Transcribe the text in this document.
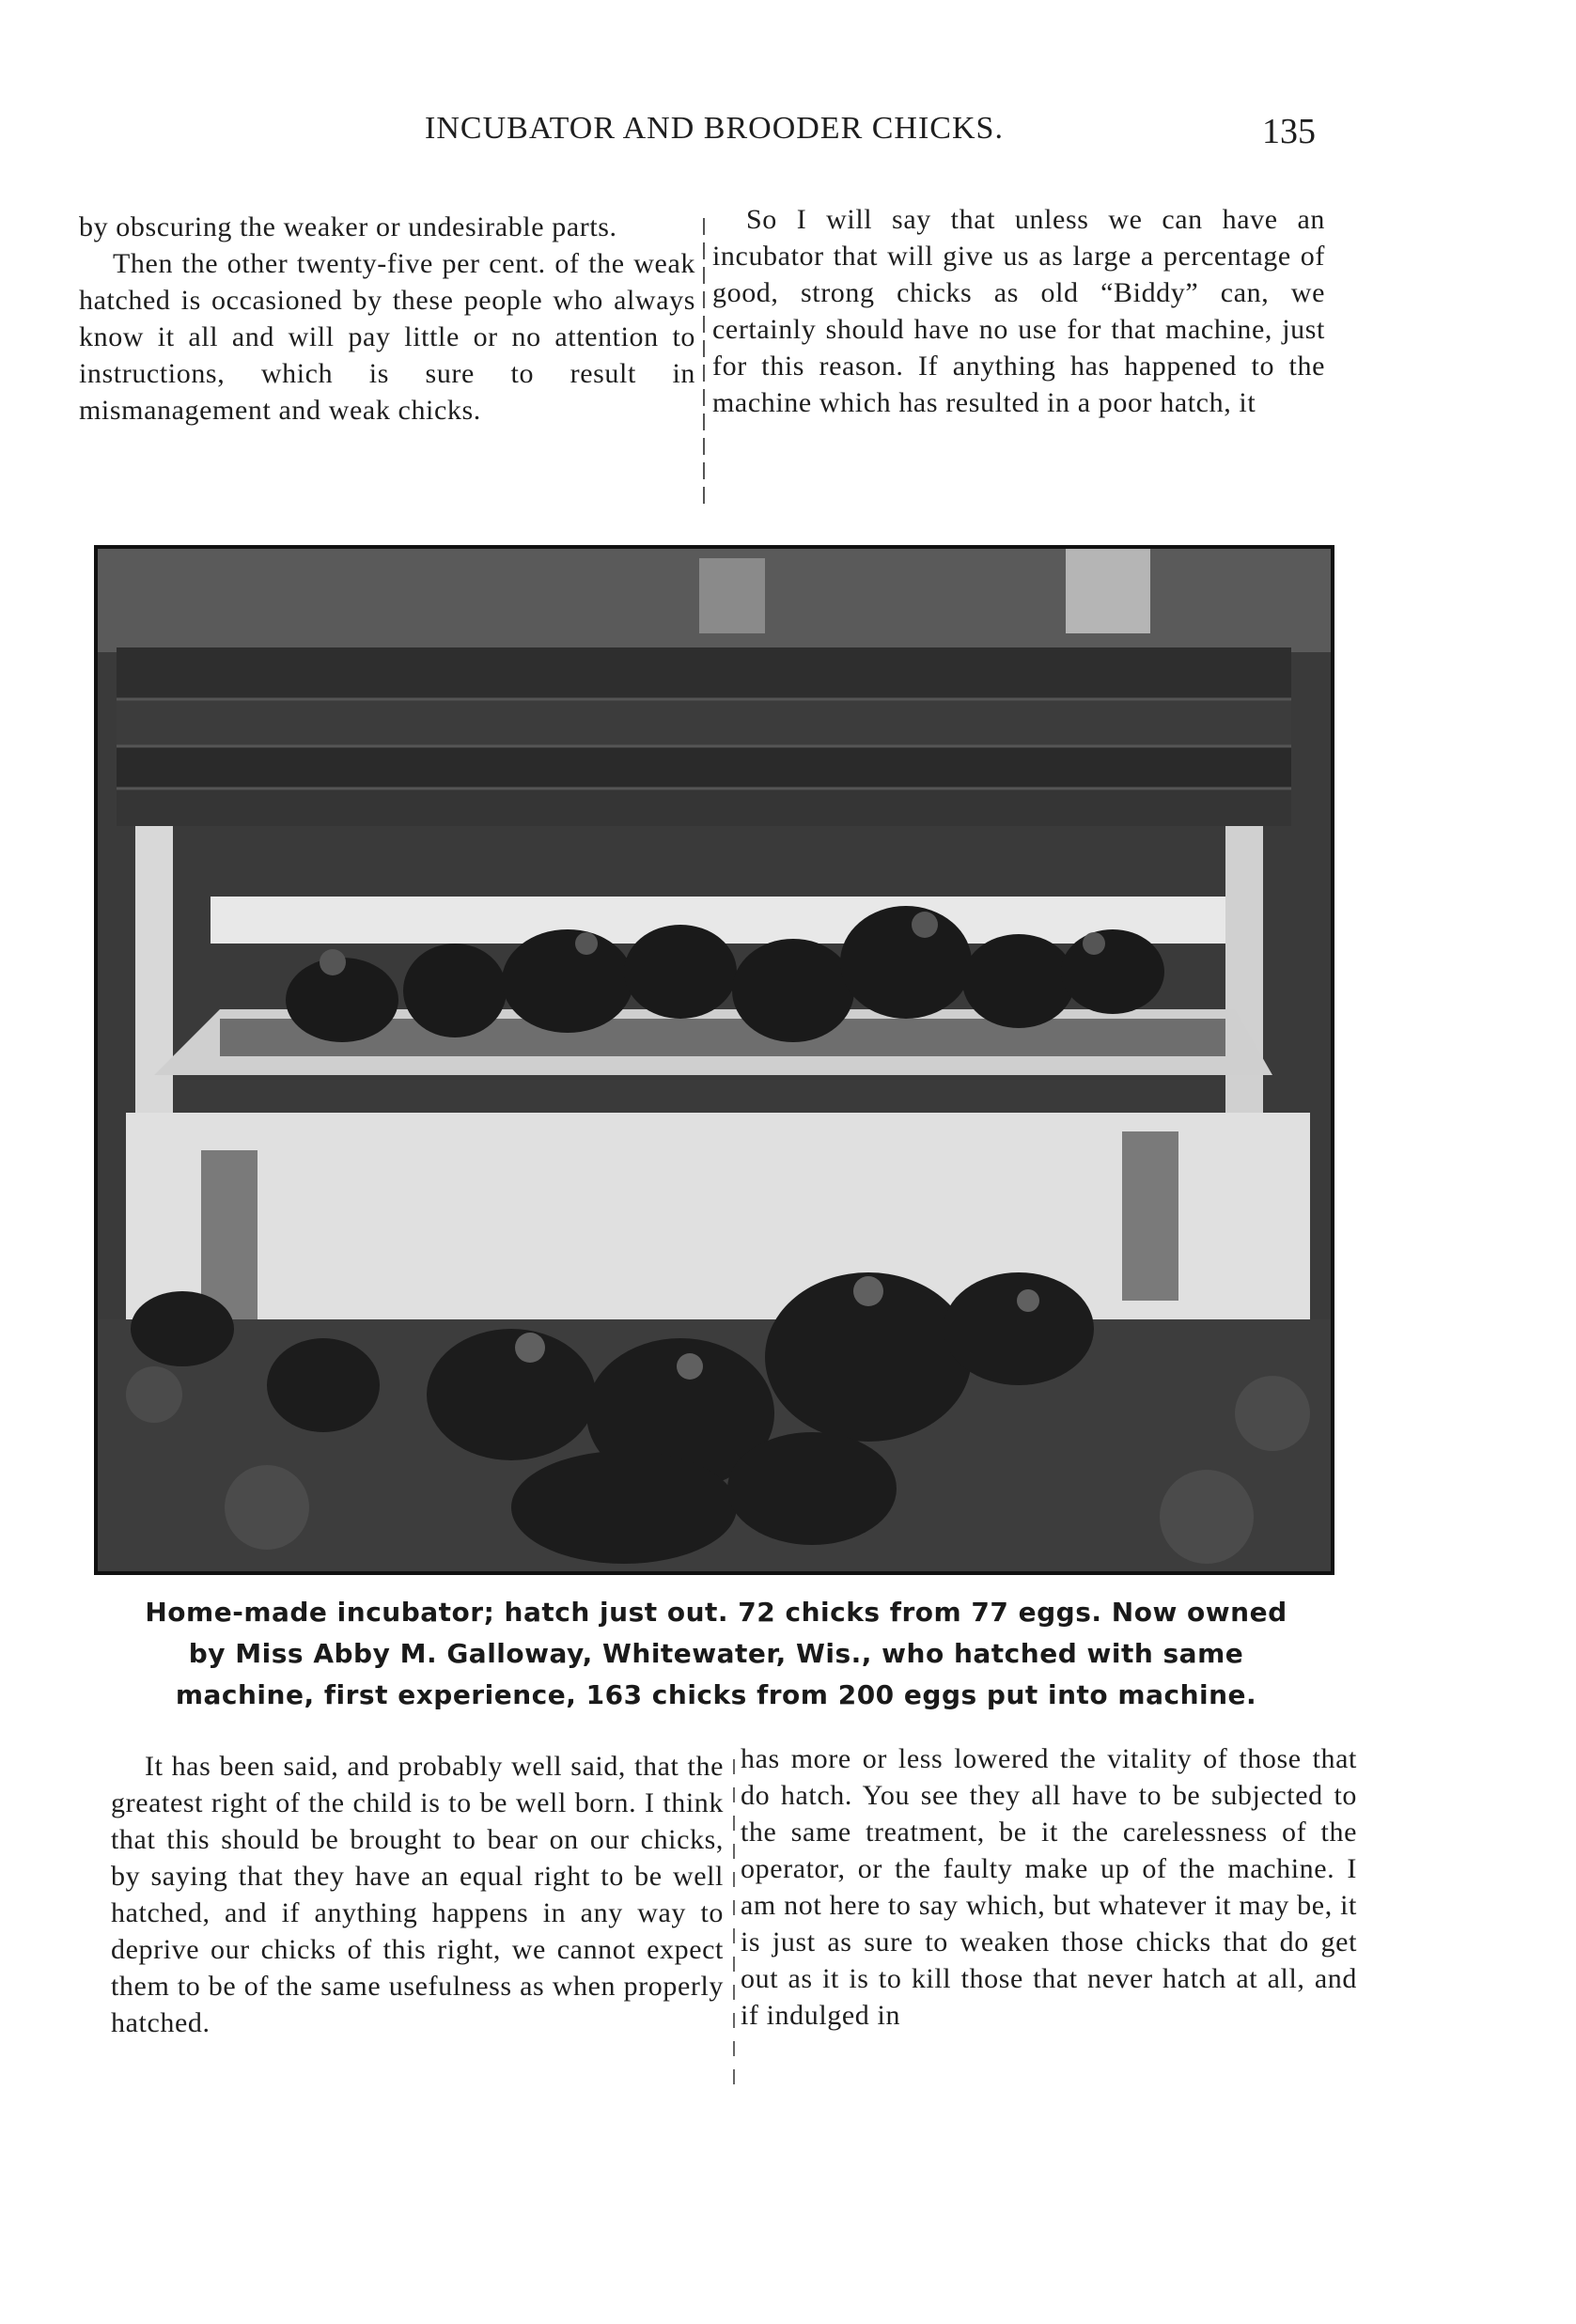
INCUBATOR AND BROODER CHICKS.	135

by obscuring the weaker or undesirable parts.

Then the other twenty-five per cent. of the weak hatched is occasioned by these people who always know it all and will pay little or no attention to instructions, which is sure to result in mismanagement and weak chicks.

So I will say that unless we can have an incubator that will give us as large a percentage of good, strong chicks as old “Biddy” can, we certainly should have no use for that machine, just for this reason. If anything has happened to the machine which has resulted in a poor hatch, it

Home-made incubator; hatch just out. 72 chicks from 77 eggs. Now owned
by Miss Abby M. Galloway, Whitewater, Wis., who hatched with same
machine, first experience, 163 chicks from 200 eggs put into machine.

It has been said, and probably well said, that the greatest right of the child is to be well born. I think that this should be brought to bear on our chicks, by saying that they have an equal right to be well hatched, and if anything happens in any way to deprive our chicks of this right, we cannot expect them to be of the same usefulness as when properly hatched.

has more or less lowered the vitality of those that do hatch. You see they all have to be subjected to the same treatment, be it the carelessness of the operator, or the faulty make up of the machine. I am not here to say which, but whatever it may be, it is just as sure to weaken those chicks that do get out as it is to kill those that never hatch at all, and if indulged in
